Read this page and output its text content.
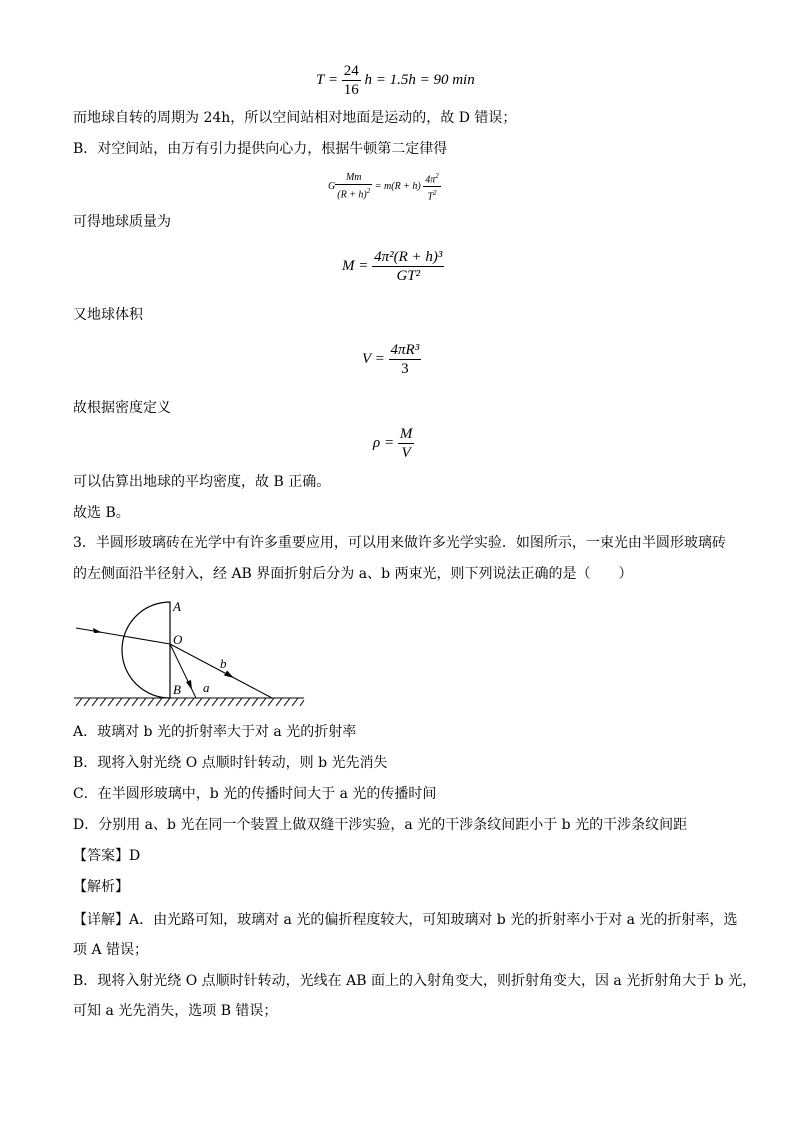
$T = \frac{24}{16}$ h = 1.5h = 90 min
而地球自转的周期为 24h，所以空间站相对地面是运动的，故 D 错误；
B．对空间站，由万有引力提供向心力，根据牛顿第二定律得
G $\frac{Mm}{(R + h)^2} = m(R + h) \frac{4\pi^2}{T^2}$
可得地球质量为
$M = \frac{\text{4π²(R + h)³}}{\text{GT²}}$
又地球体积
$V = \frac{\text{4πR³}}{3}$
故根据密度定义
$\rho = \frac{M}{V}$
可以估算出地球的平均密度，故 B 正确。
故选 B。
3．半圆形玻璃砖在光学中有许多重要应用，可以用来做许多光学实验．如图所示，一束光由半圆形玻璃砖
的左侧面沿半径射入，经 AB 界面折射后分为 a、b 两束光，则下列说法正确的是（　　）
A
O
B a
b
A．玻璃对 b 光的折射率大于对 a 光的折射率
B．现将入射光绕 O 点顺时针转动，则 b 光先消失
C．在半圆形玻璃中，b 光的传播时间大于 a 光的传播时间
D．分别用 a、b 光在同一个装置上做双缝干涉实验，a 光的干涉条纹间距小于 b 光的干涉条纹间距
【答案】D
【解析】
【详解】A．由光路可知，玻璃对 a 光的偏折程度较大，可知玻璃对 b 光的折射率小于对 a 光的折射率，选
项 A 错误；
B．现将入射光绕 O 点顺时针转动，光线在 AB 面上的入射角变大，则折射角变大，因 a 光折射角大于 b 光，
可知 a 光先消失，选项 B 错误；
